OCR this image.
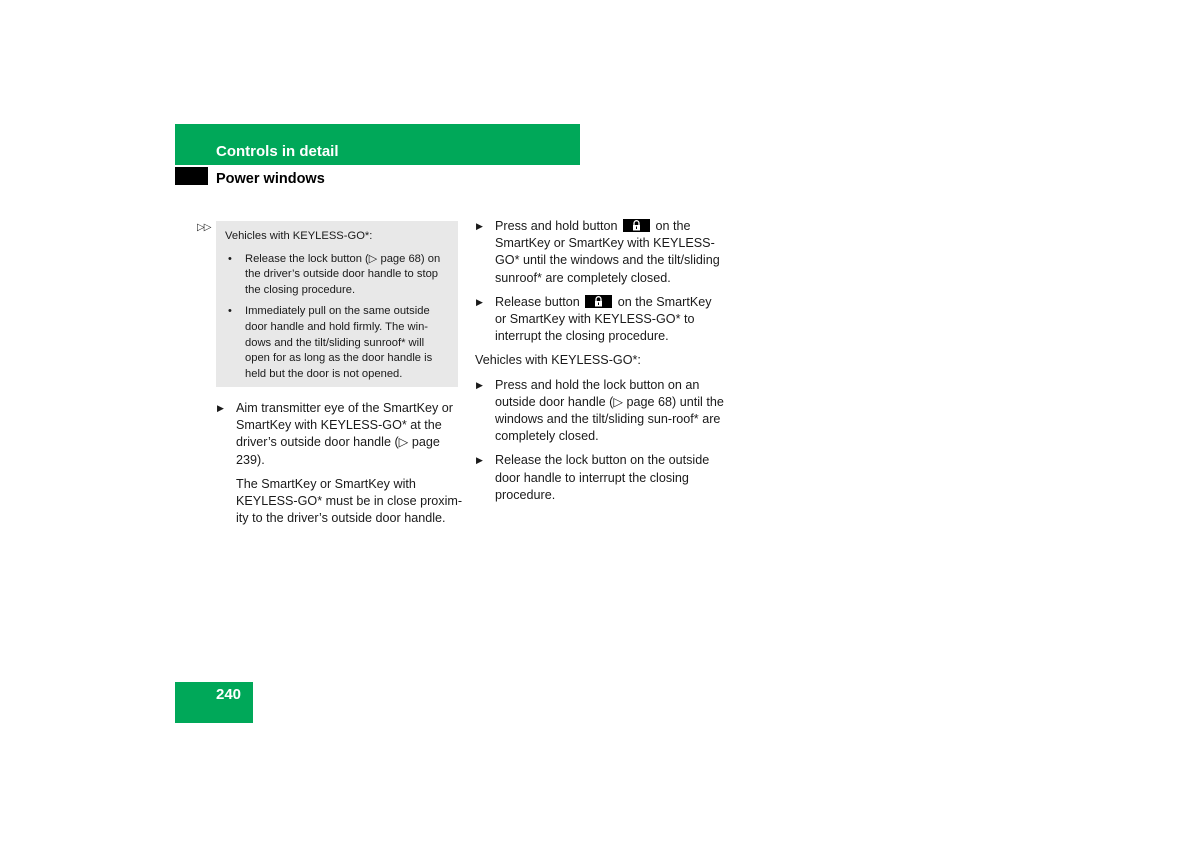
Controls in detail
Power windows
▷▷

Vehicles with KEYLESS-GO*:

• Release the lock button (▷ page 68) on the driver’s outside door handle to stop the closing procedure.
• Immediately pull on the same outside door handle and hold firmly. The win-dows and the tilt/sliding sunroof* will open for as long as the door handle is held but the door is not opened.
▶ Aim transmitter eye of the SmartKey or SmartKey with KEYLESS-GO* at the driver’s outside door handle (▷ page 239).

The SmartKey or SmartKey with KEYLESS-GO* must be in close proxim-ity to the driver’s outside door handle.

▶ Press and hold button	on the SmartKey or SmartKey with KEYLESS-GO* until the windows and the tilt/sliding sunroof* are completely closed.
▶ Release button	on the SmartKey or SmartKey with KEYLESS-GO* to interrupt the closing procedure.

Vehicles with KEYLESS-GO*:

▶ Press and hold the lock button on an outside door handle (▷ page 68) until the windows and the tilt/sliding sun-roof* are completely closed.
▶ Release the lock button on the outside door handle to interrupt the closing procedure.
240
